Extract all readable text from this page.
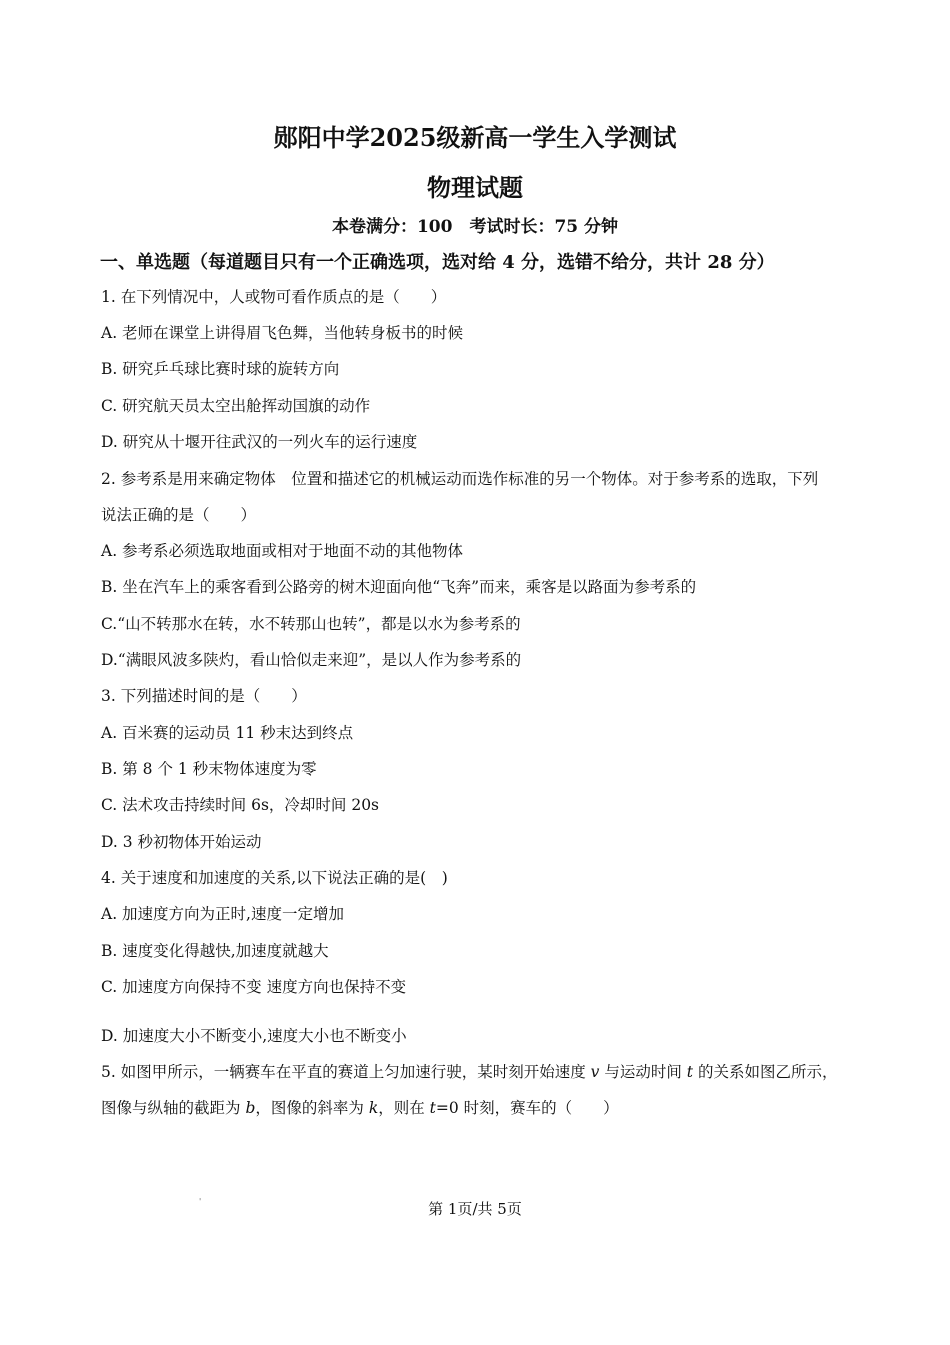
郧阳中学2025级新高一学生入学测试
物理试题
本卷满分：100　考试时长：75 分钟
一、单选题（每道题目只有一个正确选项，选对给 4 分，选错不给分，共计 28 分）
1. 在下列情况中，人或物可看作质点的是（　　）
A. 老师在课堂上讲得眉飞色舞，当他转身板书的时候
B. 研究乒乓球比赛时球的旋转方向
C. 研究航天员太空出舱挥动国旗的动作
D. 研究从十堰开往武汉的一列火车的运行速度
2. 参考系是用来确定物体　位置和描述它的机械运动而选作标准的另一个物体。对于参考系的选取，下列
说法正确的是（　　）
A. 参考系必须选取地面或相对于地面不动的其他物体
B. 坐在汽车上的乘客看到公路旁的树木迎面向他“飞奔”而来，乘客是以路面为参考系的
C.“山不转那水在转，水不转那山也转”，都是以水为参考系的
D.“满眼风波多陕灼，看山恰似走来迎”，是以人作为参考系的
3. 下列描述时间的是（　　）
A. 百米赛的运动员 11 秒末达到终点
B. 第 8 个 1 秒末物体速度为零
C. 法术攻击持续时间 6s，冷却时间 20s
D. 3 秒初物体开始运动
4. 关于速度和加速度的关系,以下说法正确的是(　)
A. 加速度方向为正时,速度一定增加
B. 速度变化得越快,加速度就越大
C. 加速度方向保持不变 速度方向也保持不变
D. 加速度大小不断变小,速度大小也不断变小
5. 如图甲所示，一辆赛车在平直的赛道上匀加速行驶，某时刻开始速度 v 与运动时间 t 的关系如图乙所示，
图像与纵轴的截距为 b，图像的斜率为 k，则在 t=0 时刻，赛车的（　　）
'	第 1页/共 5页
